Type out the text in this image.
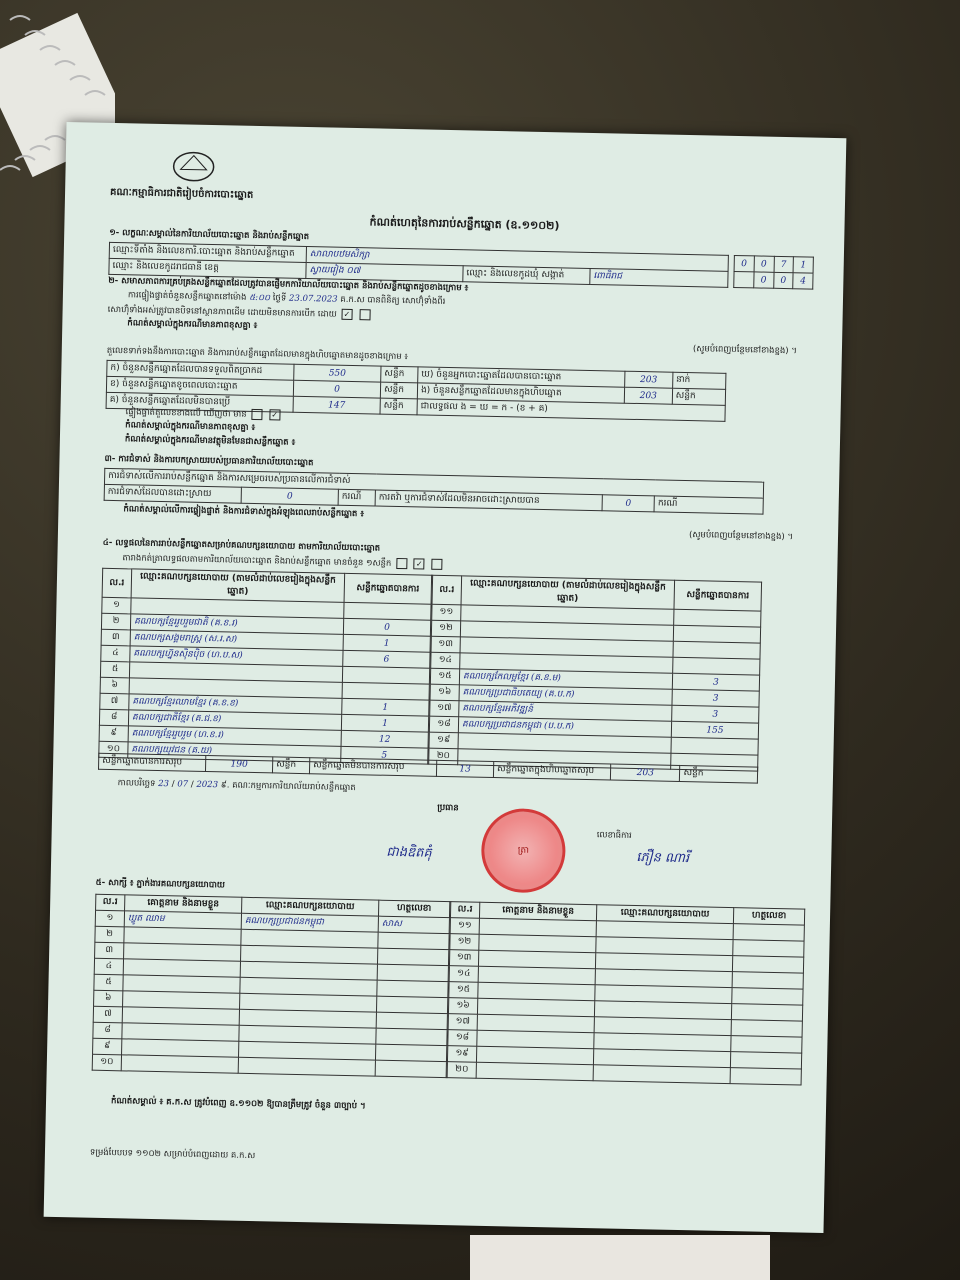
គណៈកម្មាធិការជាតិរៀបចំការបោះឆ្នោត
កំណត់ហេតុនៃការរាប់សន្លឹកឆ្នោត (ឧ.១១០២)
១- លក្ខណៈសម្គាល់នៃការិយាល័យបោះឆ្នោត និងរាប់សន្លឹកឆ្នោត
ឈ្មោះទីតាំង និងលេខការិ.បោះឆ្នោត និងរាប់សន្លឹកឆ្នោត	សាលាបឋមសិក្សា		
ឈ្មោះ និងលេខកូដរាជធានី ខេត្ត	ស្វាយរៀង ០៧	ឈ្មោះ និងលេខកូដឃុំ សង្កាត់	ពោធិរាជ
0	0	7	1
	0	0	4
២- សមាសភាពការគ្រប់គ្រងសន្លឹកឆ្នោតដែលត្រូវបានផ្ញើមកការិយាល័យបោះឆ្នោត និងរាប់សន្លឹកឆ្នោតដូចខាងក្រោម ៖
ការផ្ទៀងផ្ទាត់ចំនួនសន្លឹកឆ្នោតនៅម៉ោង ៥:០០ ថ្ងៃទី 23.07.2023 គ.ក.ស បានពិនិត្យ សោហ៊ុំទាំងពីរ
សោហ៊ុំទាំងអស់ត្រូវបានបិទនៅស្ថានភាពដើម ដោយមិនមានការបើក ដោយ ✓
កំណត់សម្គាល់ក្នុងករណីមានភាពខុសគ្នា ៖
(សូមបំពេញបន្ថែមនៅខាងខ្នង) ។
តួលេខទាក់ទងនឹងការបោះឆ្នោត និងការរាប់សន្លឹកឆ្នោតដែលមានក្នុងហិបឆ្នោតមានដូចខាងក្រោម ៖
ក) ចំនួនសន្លឹកឆ្នោតដែលបានទទួលពិតប្រាកដ	550	សន្លឹក	ឃ) ចំនួនអ្នកបោះឆ្នោតដែលបានបោះឆ្នោត	203	នាក់
ខ) ចំនួនសន្លឹកឆ្នោតខូចពេលបោះឆ្នោត	0	សន្លឹក	ង) ចំនួនសន្លឹកឆ្នោតដែលមានក្នុងហិបឆ្នោត	203	សន្លឹក
គ) ចំនួនសន្លឹកឆ្នោតដែលមិនបានប្រើ	147	សន្លឹក	ជាលទ្ធផល ង = ឃ = ក - (ខ + គ)		
ផ្ទៀងផ្ទាត់តួលេខខាងលើ ឃើញថា មាន	✓
កំណត់សម្គាល់ក្នុងករណីមានភាពខុសគ្នា ៖
កំណត់សម្គាល់ក្នុងករណីមានវត្ថុមិនមែនជាសន្លឹកឆ្នោត ៖
៣- ការជំទាស់ និងការបកស្រាយរបស់ប្រធានការិយាល័យបោះឆ្នោត
ការជំទាស់លើការរាប់សន្លឹកឆ្នោត និងការសម្រេចរបស់ប្រធានលើការជំទាស់
ការជំទាស់ដែលបានដោះស្រាយ	0	ករណី	ការតវ៉ា ឬការជំទាស់ដែលមិនអាចដោះស្រាយបាន	0	ករណី
កំណត់សម្គាល់លើការផ្ទៀងផ្ទាត់ និងការជំទាស់ក្នុងអំឡុងពេលរាប់សន្លឹកឆ្នោត ៖
(សូមបំពេញបន្ថែមនៅខាងខ្នង) ។
៤- លទ្ធផលនៃការរាប់សន្លឹកឆ្នោតសម្រាប់គណបក្សនយោបាយ តាមការិយាល័យបោះឆ្នោត
តារាងកត់ត្រាលទ្ធផលតាមការិយាល័យបោះឆ្នោត និងរាប់សន្លឹកឆ្នោត មានចំនួន ១សន្លឹក	✓
ល.រ	ឈ្មោះគណបក្សនយោបាយ (តាមលំដាប់លេខរៀងក្នុងសន្លឹកឆ្នោត)	សន្លឹកឆ្នោតបានការ
១		
២	គណបក្សខ្មែររួបរួមជាតិ (គ.ខ.រ)	0
៣	គណបក្សសង្គមរាស្ត្រ (ស.រ.ស)	1
៤	គណបក្សហ្វ៊ុនស៊ិនប៉ិច (ហ.ប.ស)	6
៥		
៦		
៧	គណបក្សខ្មែរឈាមខ្មែរ (គ.ខ.ខ)	1
៨	គណបក្សជាតិខ្មែរ (គ.ជ.ខ)	1
៩	គណបក្សខ្មែររួបរួម (ហ.ខ.រ)	12
១០	គណបក្សយុវជន (គ.យ)	5
ល.រ	ឈ្មោះគណបក្សនយោបាយ (តាមលំដាប់លេខរៀងក្នុងសន្លឹកឆ្នោត)	សន្លឹកឆ្នោតបានការ
១១		
១២		
១៣		
១៤		
១៥	គណបក្សកែលម្អខ្មែរ (គ.ខ.ម)	3
១៦	គណបក្សប្រជាធិបតេយ្យ (គ.ប.ក)	3
១៧	គណបក្សខ្មែរអភិវឌ្ឍន៍	3
១៨	គណបក្សប្រជាជនកម្ពុជា (ប.ប.ក)	155
១៩		
២០		
សន្លឹកឆ្នោតបានការសរុប	190	សន្លឹក	សន្លឹកឆ្នោតមិនបានការសរុប	13	សន្លឹកឆ្នោតក្នុងហិបឆ្នោតសរុប	203	សន្លឹក
កាលបរិច្ឆេទ 23 / 07 / 2023 ៩. គណៈកម្មការការិយាល័យរាប់សន្លឹកឆ្នោត
ប្រធាន
លេខាធិការ
ភឿន ណារី
ជាងឌិតគុំ	ត្រា
៥- សាក្សី ៖ ភ្នាក់ងារគណបក្សនយោបាយ
ល.រ	គោត្តនាម និងនាមខ្លួន	ឈ្មោះគណបក្សនយោបាយ	ហត្ថលេខា
១	ឃ្លូត ឈាម	គណបក្សប្រជាជនកម្ពុជា	សាស
២			
៣			
៤			
៥			
៦			
៧			
៨			
៩			
១០			
ល.រ	គោត្តនាម និងនាមខ្លួន	ឈ្មោះគណបក្សនយោបាយ	ហត្ថលេខា
១១			
១២			
១៣			
១៤			
១៥			
១៦			
១៧			
១៨			
១៩			
២០			
កំណត់សម្គាល់ ៖ គ.ក.ស ត្រូវបំពេញ ឧ.១១០២ ឱ្យបានត្រឹមត្រូវ ចំនួន ៣ច្បាប់ ។
ទម្រង់បែបបទ ១១០២ សម្រាប់បំពេញដោយ គ.ក.ស
